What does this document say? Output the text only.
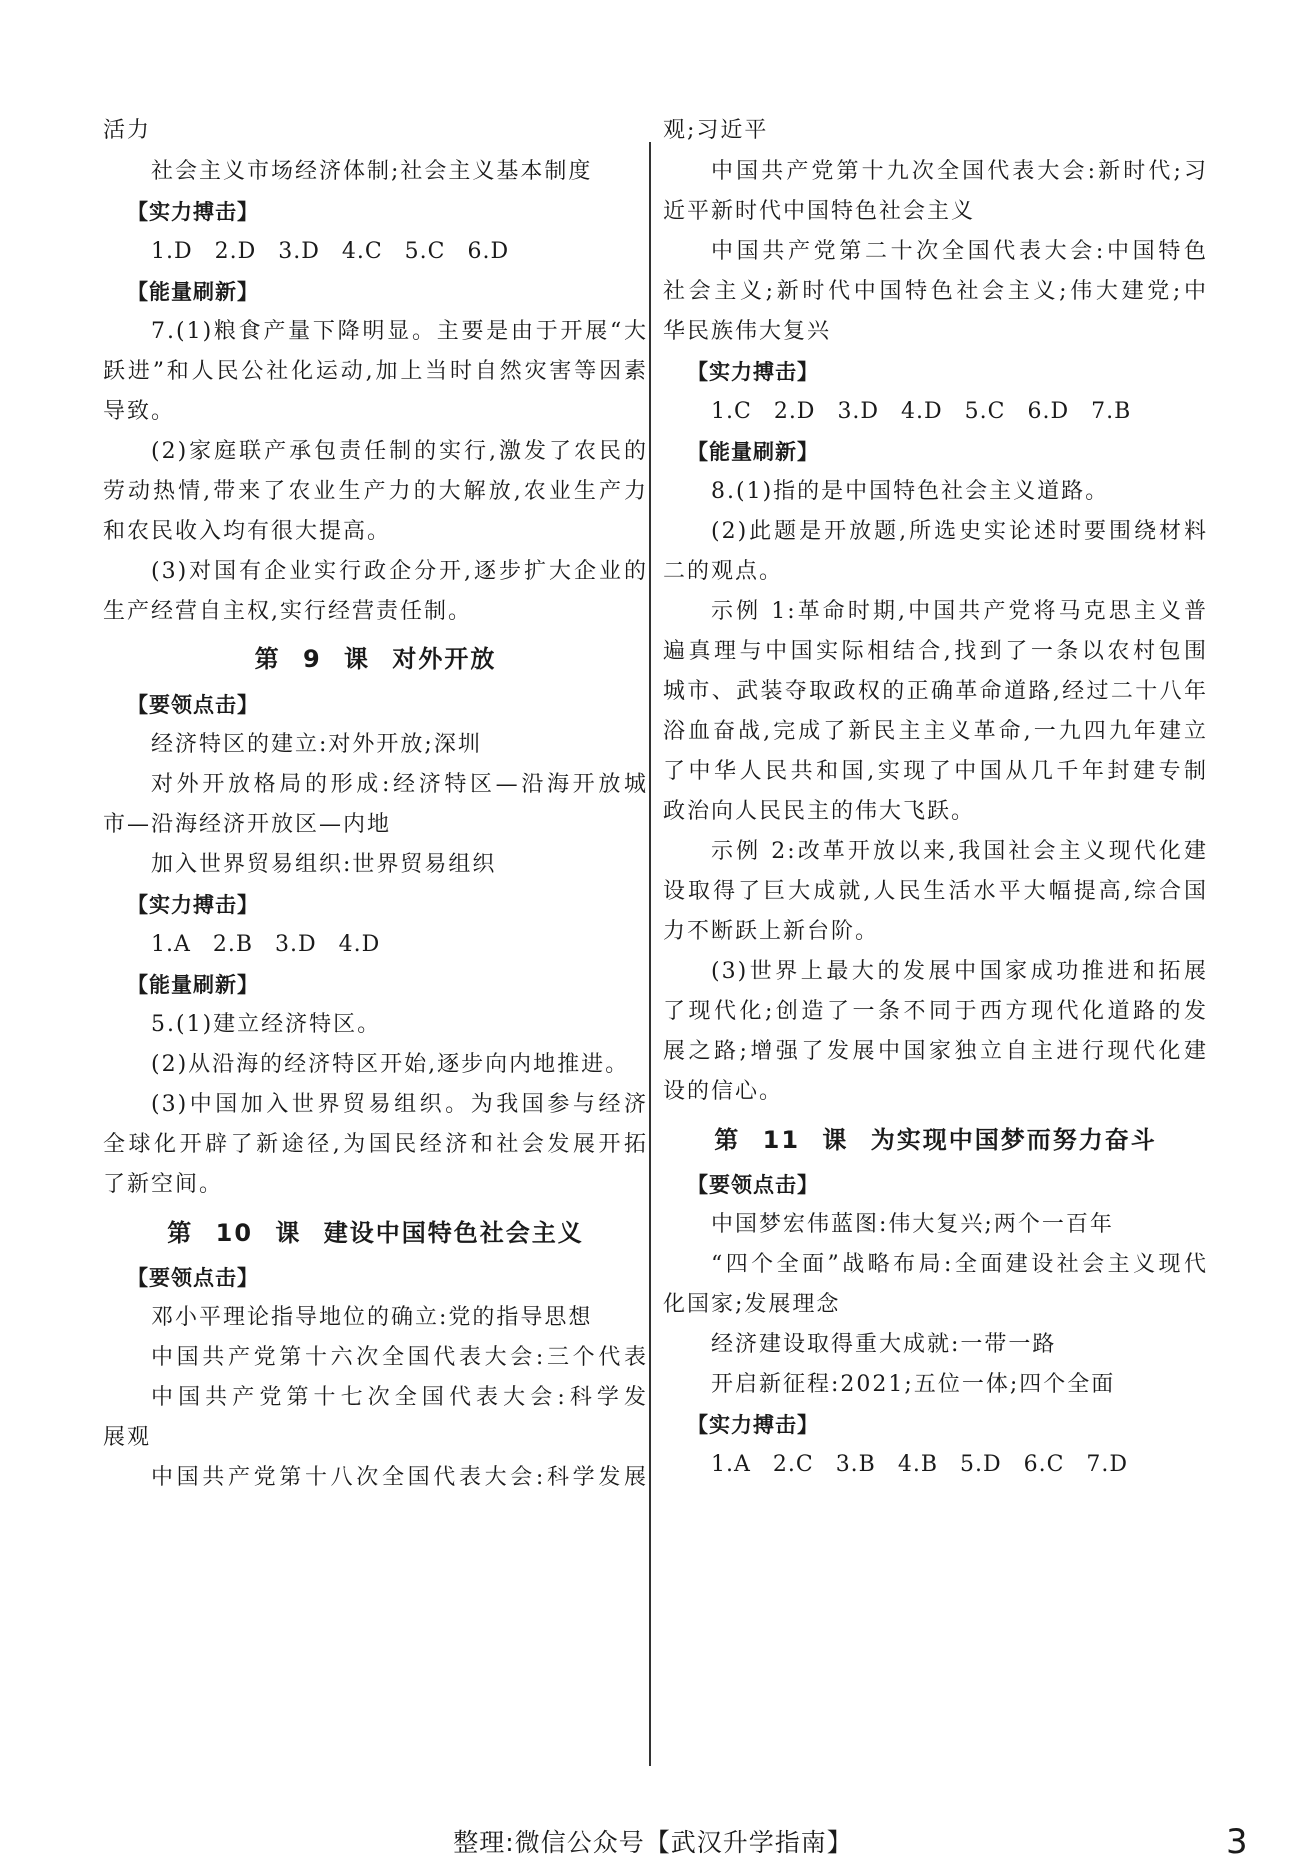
活力
社会主义市场经济体制;社会主义基本制度
【实力搏击】
1.D 2.D 3.D 4.C 5.C 6.D
【能量刷新】
7.(1)粮食产量下降明显。主要是由于开展“大
跃进”和人民公社化运动,加上当时自然灾害等因素
导致。
(2)家庭联产承包责任制的实行,激发了农民的
劳动热情,带来了农业生产力的大解放,农业生产力
和农民收入均有很大提高。
(3)对国有企业实行政企分开,逐步扩大企业的
生产经营自主权,实行经营责任制。
第 9 课 对外开放
【要领点击】
经济特区的建立:对外开放;深圳
对外开放格局的形成:经济特区—沿海开放城
市—沿海经济开放区—内地
加入世界贸易组织:世界贸易组织
【实力搏击】
1.A 2.B 3.D 4.D
【能量刷新】
5.(1)建立经济特区。
(2)从沿海的经济特区开始,逐步向内地推进。
(3)中国加入世界贸易组织。为我国参与经济
全球化开辟了新途径,为国民经济和社会发展开拓
了新空间。
第 10 课 建设中国特色社会主义
【要领点击】
邓小平理论指导地位的确立:党的指导思想
中国共产党第十六次全国代表大会:三个代表
中国共产党第十七次全国代表大会:科学发
展观
中国共产党第十八次全国代表大会:科学发展
观;习近平
中国共产党第十九次全国代表大会:新时代;习
近平新时代中国特色社会主义
中国共产党第二十次全国代表大会:中国特色
社会主义;新时代中国特色社会主义;伟大建党;中
华民族伟大复兴
【实力搏击】
1.C 2.D 3.D 4.D 5.C 6.D 7.B
【能量刷新】
8.(1)指的是中国特色社会主义道路。
(2)此题是开放题,所选史实论述时要围绕材料
二的观点。
示例 1:革命时期,中国共产党将马克思主义普
遍真理与中国实际相结合,找到了一条以农村包围
城市、武装夺取政权的正确革命道路,经过二十八年
浴血奋战,完成了新民主主义革命,一九四九年建立
了中华人民共和国,实现了中国从几千年封建专制
政治向人民民主的伟大飞跃。
示例 2:改革开放以来,我国社会主义现代化建
设取得了巨大成就,人民生活水平大幅提高,综合国
力不断跃上新台阶。
(3)世界上最大的发展中国家成功推进和拓展
了现代化;创造了一条不同于西方现代化道路的发
展之路;增强了发展中国家独立自主进行现代化建
设的信心。
第 11 课 为实现中国梦而努力奋斗
【要领点击】
中国梦宏伟蓝图:伟大复兴;两个一百年
“四个全面”战略布局:全面建设社会主义现代
化国家;发展理念
经济建设取得重大成就:一带一路
开启新征程:2021;五位一体;四个全面
【实力搏击】
1.A 2.C 3.B 4.B 5.D 6.C 7.D
整理:微信公众号【武汉升学指南】	3
